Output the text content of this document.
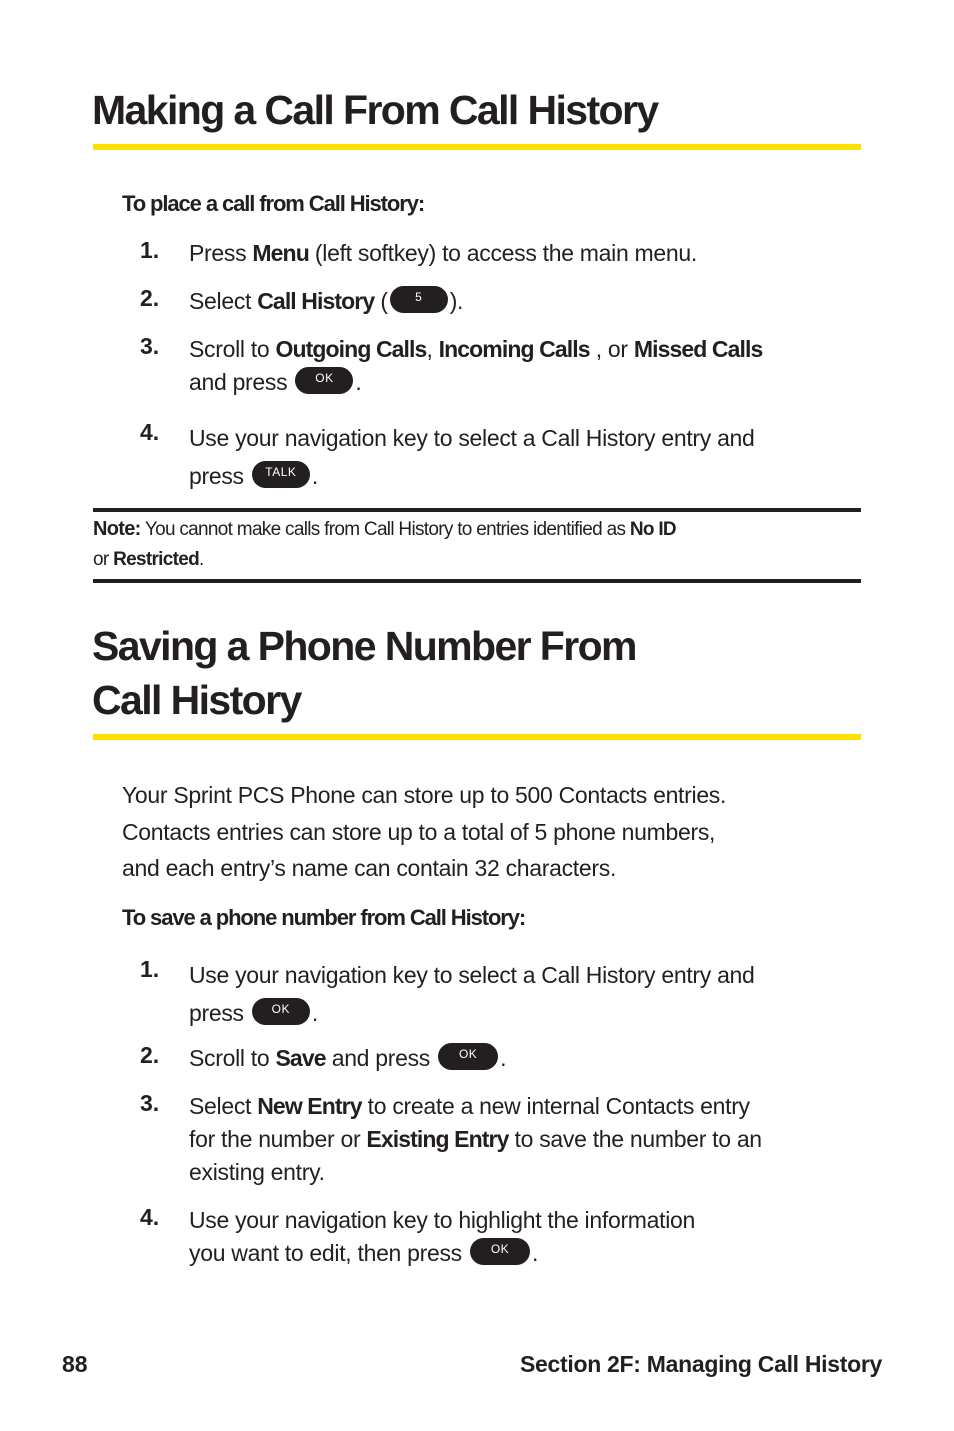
Making a Call From Call History
To place a call from Call History:
1.	Press Menu (left softkey) to access the main menu.
2.	Select Call History ( 5 ).
3.	Scroll to Outgoing Calls, Incoming Calls , or Missed Calls
and press OK .
4.	Use your navigation key to select a Call History entry and
press TALK .
Note: You cannot make calls from Call History to entries identified as No ID
or Restricted.
Saving a Phone Number From
Call History
Your Sprint PCS Phone can store up to 500 Contacts entries.
Contacts entries can store up to a total of 5 phone numbers,
and each entry’s name can contain 32 characters.
To save a phone number from Call History:
1.	Use your navigation key to select a Call History entry and
press OK .
2.	Scroll to Save and press OK .
3.	Select New Entry to create a new internal Contacts entry
for the number or Existing Entry to save the number to an
existing entry.
4.	Use your navigation key to highlight the information
you want to edit, then press OK .
88	Section 2F: Managing Call History
